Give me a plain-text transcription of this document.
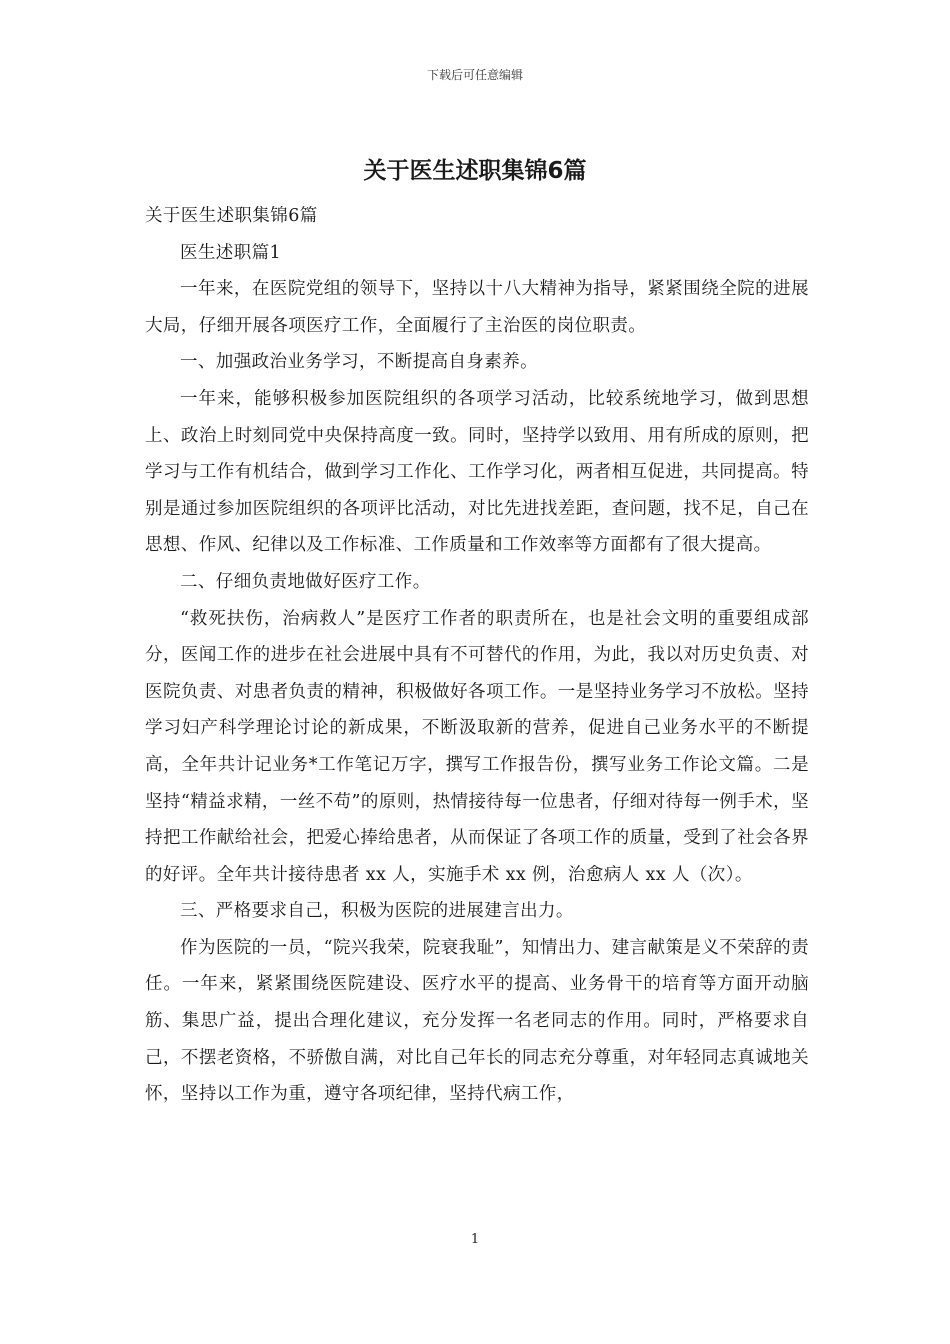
下载后可任意编辑
关于医生述职集锦6篇

关于医生述职集锦6篇

医生述职篇1

一年来，在医院党组的领导下，坚持以十八大精神为指导，紧紧围绕全院的进展大局，仔细开展各项医疗工作，全面履行了主治医的岗位职责。

一、加强政治业务学习，不断提高自身素养。

一年来，能够积极参加医院组织的各项学习活动，比较系统地学习，做到思想上、政治上时刻同党中央保持高度一致。同时，坚持学以致用、用有所成的原则，把学习与工作有机结合，做到学习工作化、工作学习化，两者相互促进，共同提高。特别是通过参加医院组织的各项评比活动，对比先进找差距，查问题，找不足，自己在思想、作风、纪律以及工作标准、工作质量和工作效率等方面都有了很大提高。

二、仔细负责地做好医疗工作。

“救死扶伤，治病救人”是医疗工作者的职责所在，也是社会文明的重要组成部分，医闻工作的进步在社会进展中具有不可替代的作用，为此，我以对历史负责、对医院负责、对患者负责的精神，积极做好各项工作。一是坚持业务学习不放松。坚持学习妇产科学理论讨论的新成果，不断汲取新的营养，促进自己业务水平的不断提高，全年共计记业务*工作笔记万字，撰写工作报告份，撰写业务工作论文篇。二是坚持“精益求精，一丝不苟”的原则，热情接待每一位患者，仔细对待每一例手术，坚持把工作献给社会，把爱心捧给患者，从而保证了各项工作的质量，受到了社会各界的好评。全年共计接待患者 xx 人，实施手术 xx 例，治愈病人 xx 人（次）。

三、严格要求自己，积极为医院的进展建言出力。

作为医院的一员，“院兴我荣，院衰我耻”，知情出力、建言献策是义不荣辞的责任。一年来，紧紧围绕医院建设、医疗水平的提高、业务骨干的培育等方面开动脑筋、集思广益，提出合理化建议，充分发挥一名老同志的作用。同时，严格要求自己，不摆老资格，不骄傲自满，对比自己年长的同志充分尊重，对年轻同志真诚地关怀，坚持以工作为重，遵守各项纪律，坚持代病工作，

1
